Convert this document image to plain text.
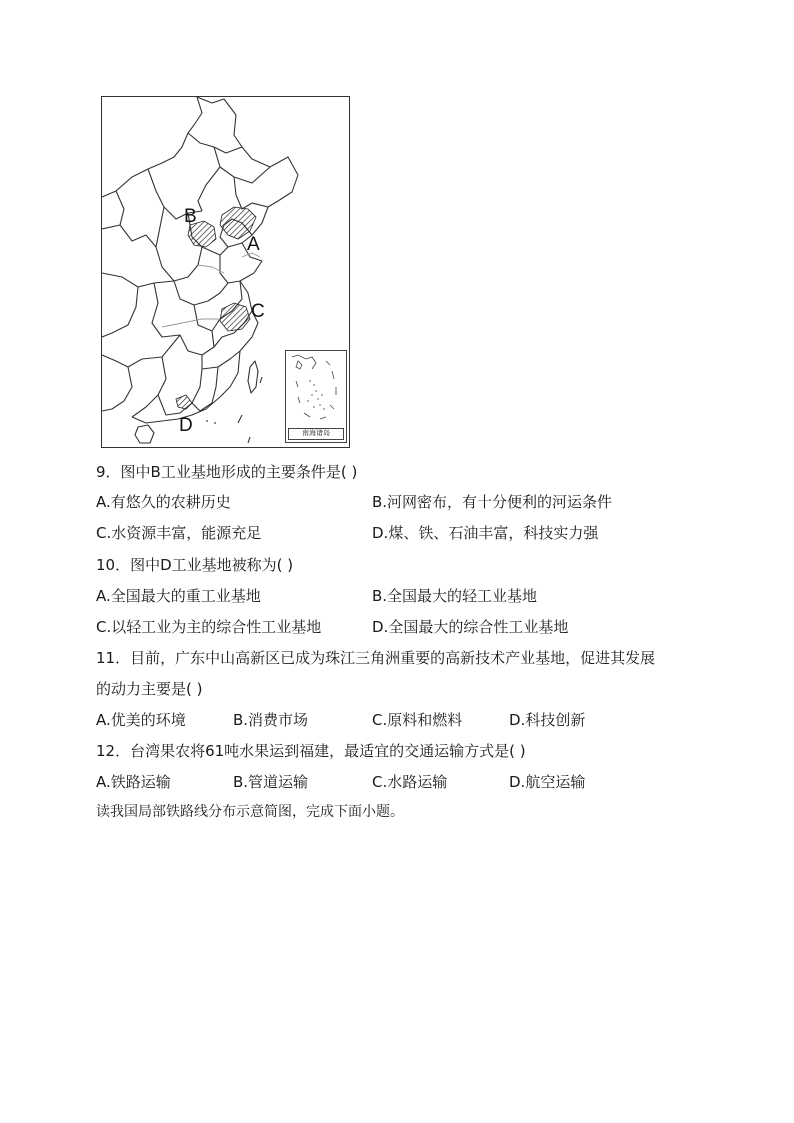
B
A
C
D	南海诸岛
9．图中B工业基地形成的主要条件是( )
A.有悠久的农耕历史	B.河网密布，有十分便利的河运条件
C.水资源丰富，能源充足	D.煤、铁、石油丰富，科技实力强
10．图中D工业基地被称为( )
A.全国最大的重工业基地	B.全国最大的轻工业基地
C.以轻工业为主的综合性工业基地	D.全国最大的综合性工业基地
11．目前，广东中山高新区已成为珠江三角洲重要的高新技术产业基地，促进其发展
的动力主要是( )
A.优美的环境	B.消费市场	C.原料和燃料	D.科技创新
12．台湾果农将61吨水果运到福建，最适宜的交通运输方式是( )
A.铁路运输	B.管道运输	C.水路运输	D.航空运输
读我国局部铁路线分布示意简图，完成下面小题。
